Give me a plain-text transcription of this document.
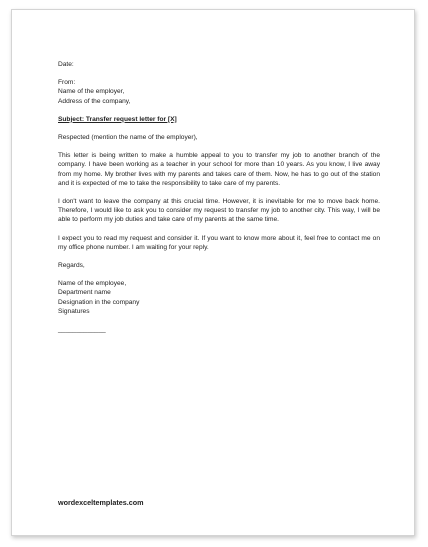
Date:
From:
Name of the employer,
Address of the company,
Subject: Transfer request letter for [X]
Respected (mention the name of the employer),

This letter is being written to make a humble appeal to you to transfer my job to another branch of the company. I have been working as a teacher in your school for more than 10 years. As you know, I live away from my home. My brother lives with my parents and takes care of them. Now, he has to go out of the station and it is expected of me to take the responsibility to take care of my parents.

I don't want to leave the company at this crucial time. However, it is inevitable for me to move back home. Therefore, I would like to ask you to consider my request to transfer my job to another city. This way, I will be able to perform my job duties and take care of my parents at the same time.

I expect you to read my request and consider it. If you want to know more about it, feel free to contact me on my office phone number. I am waiting for your reply.

Regards,
Name of the employee,
Department name
Designation in the company
Signatures
_____________
wordexceltemplates.com
